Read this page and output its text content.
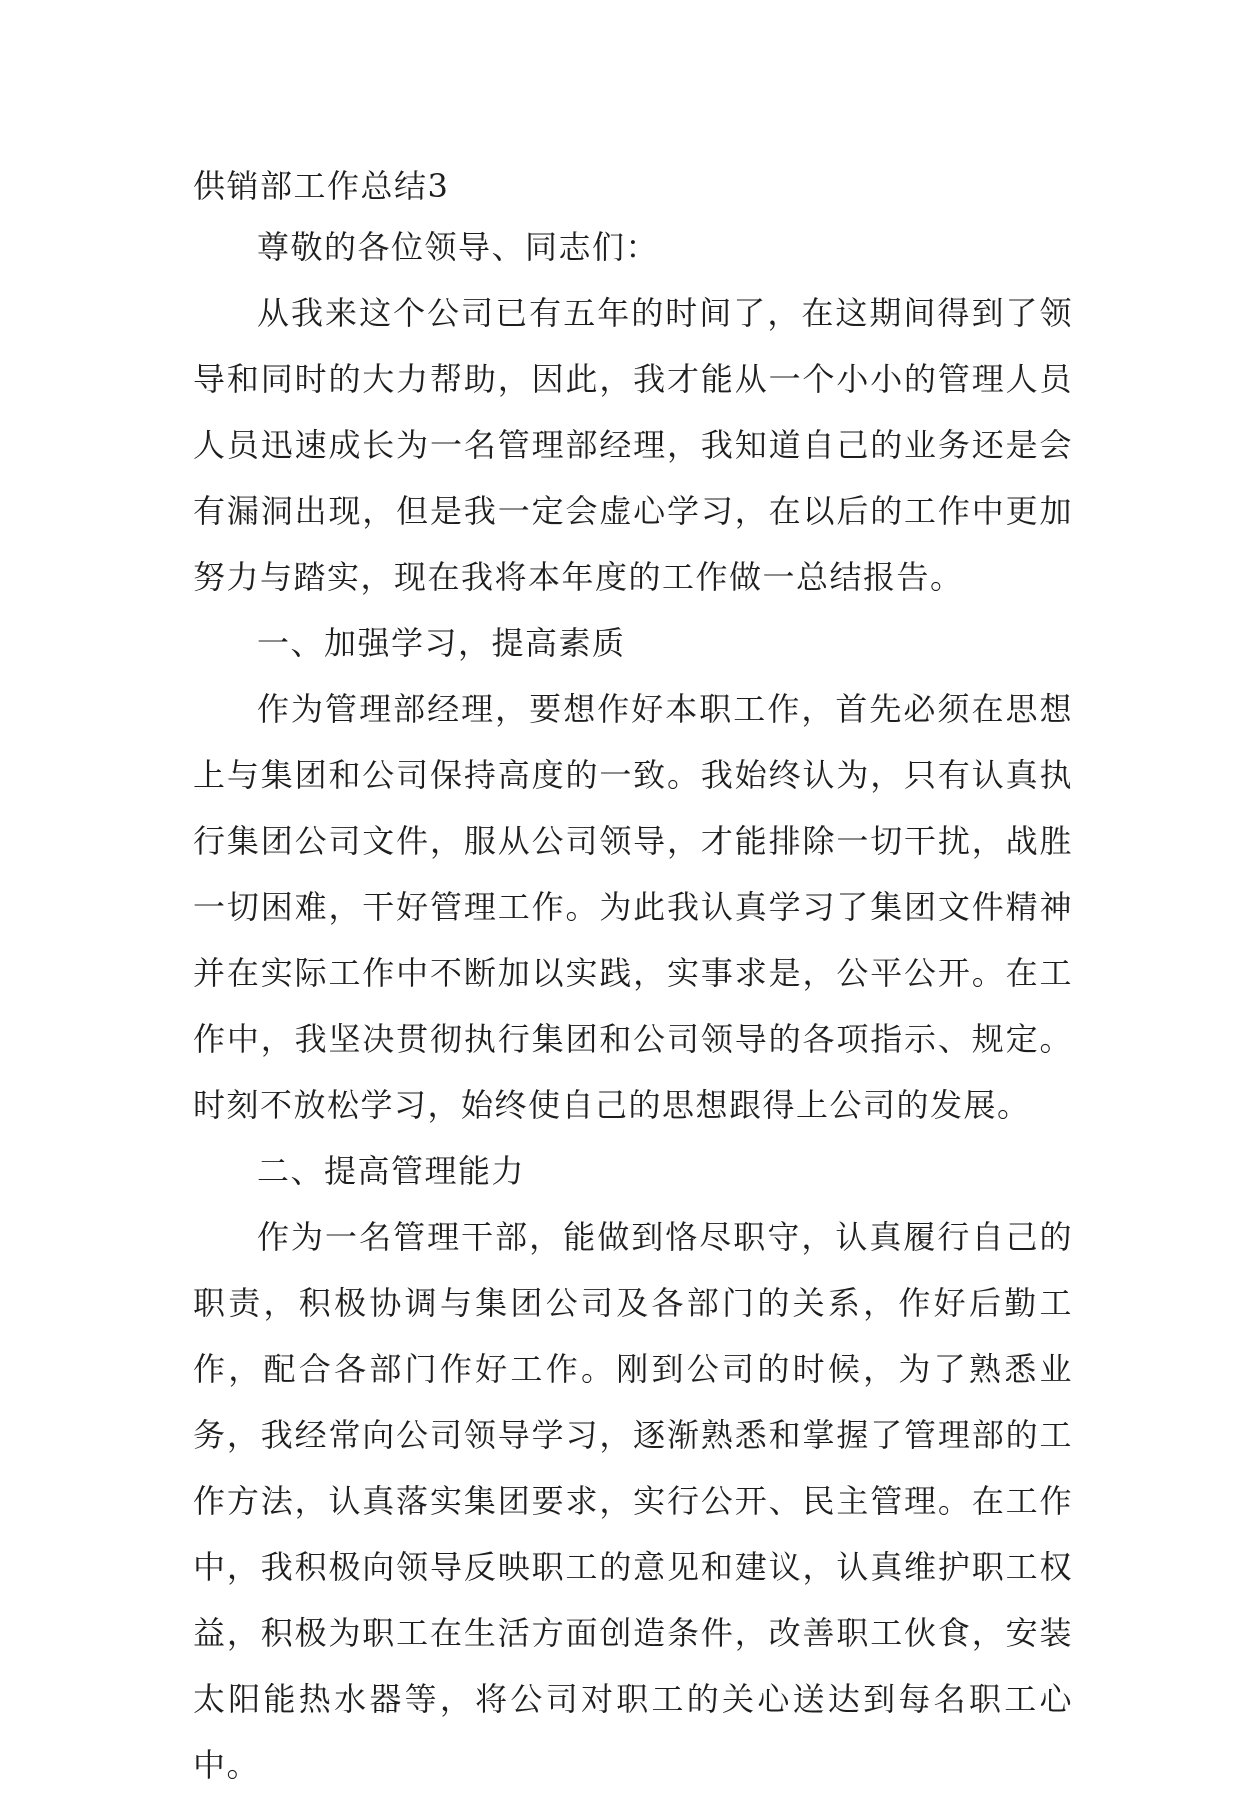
供销部工作总结3

尊敬的各位领导、同志们：

从我来这个公司已有五年的时间了，在这期间得到了领导和同时的大力帮助，因此，我才能从一个小小的管理人员人员迅速成长为一名管理部经理，我知道自己的业务还是会有漏洞出现，但是我一定会虚心学习，在以后的工作中更加努力与踏实，现在我将本年度的工作做一总结报告。

一、加强学习，提高素质

作为管理部经理，要想作好本职工作，首先必须在思想上与集团和公司保持高度的一致。我始终认为，只有认真执行集团公司文件，服从公司领导，才能排除一切干扰，战胜一切困难，干好管理工作。为此我认真学习了集团文件精神并在实际工作中不断加以实践，实事求是，公平公开。在工作中，我坚决贯彻执行集团和公司领导的各项指示、规定。时刻不放松学习，始终使自己的思想跟得上公司的发展。

二、提高管理能力

作为一名管理干部，能做到恪尽职守，认真履行自己的职责，积极协调与集团公司及各部门的关系，作好后勤工作，配合各部门作好工作。刚到公司的时候，为了熟悉业务，我经常向公司领导学习，逐渐熟悉和掌握了管理部的工作方法，认真落实集团要求，实行公开、民主管理。在工作中，我积极向领导反映职工的意见和建议，认真维护职工权益，积极为职工在生活方面创造条件，改善职工伙食，安装太阳能热水器等，将公司对职工的关心送达到每名职工心中。
